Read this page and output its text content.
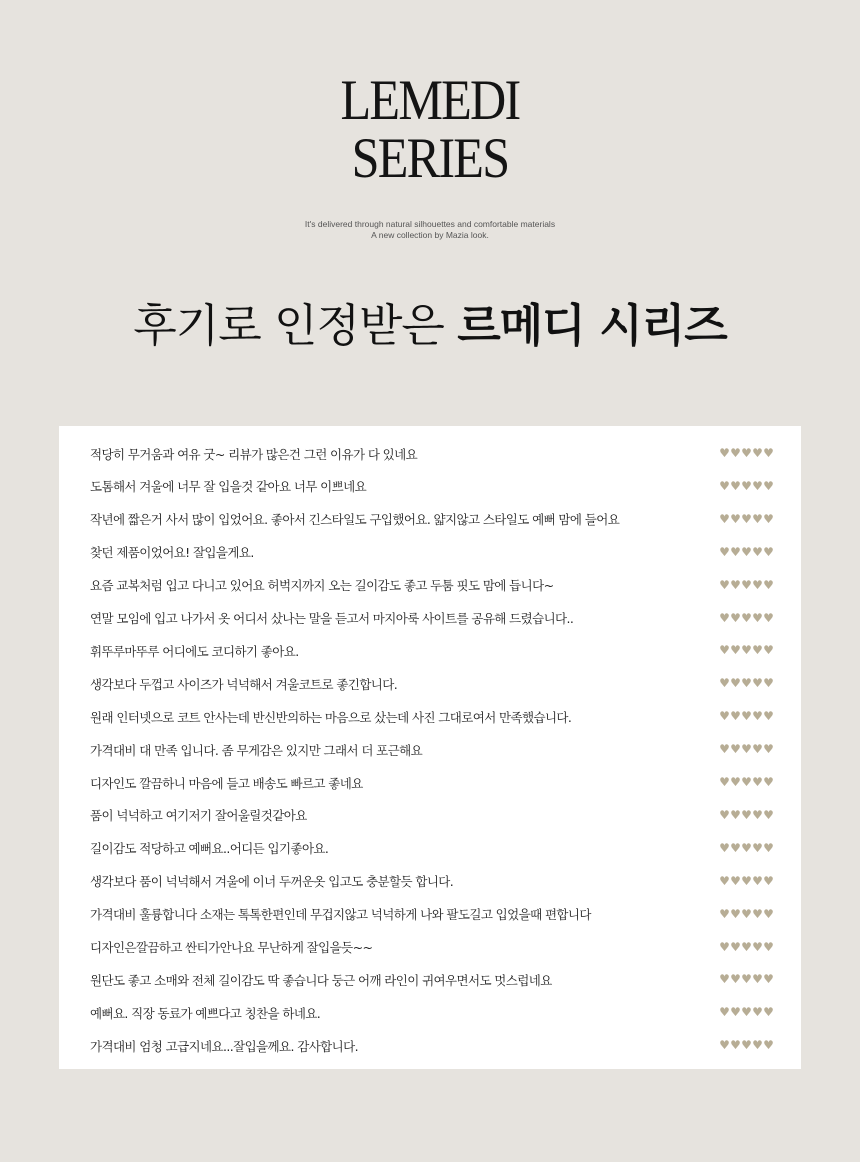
LEMEDI
SERIES
It's delivered through natural silhouettes and comfortable materials
A new collection by Mazia look.
후기로 인정받은 르메디 시리즈
적당히 무거움과 여유 굿~ 리뷰가 많은건 그런 이유가 다 있네요	♥ ♥ ♥ ♥ ♥
도톰해서 겨울에 너무 잘 입을것 같아요 너무 이쁘네요	♥ ♥ ♥ ♥ ♥
작년에 짧은거 사서 많이 입었어요. 좋아서 긴스타일도 구입했어요. 얇지않고 스타일도 예뻐 맘에 들어요	♥ ♥ ♥ ♥ ♥
찾던 제품이었어요! 잘입을게요.	♥ ♥ ♥ ♥ ♥
요즘 교복처럼 입고 다니고 있어요 허벅지까지 오는 길이감도 좋고 두툼 핏도 맘에 듭니다~	♥ ♥ ♥ ♥ ♥
연말 모임에 입고 나가서 옷 어디서 샀나는 말을 듣고서 마지아룩 사이트를 공유해 드렸습니다..	♥ ♥ ♥ ♥ ♥
휘뚜루마뚜루 어디에도 코디하기 좋아요.	♥ ♥ ♥ ♥ ♥
생각보다 두껍고 사이즈가 넉넉해서 겨울코트로 좋긴합니다.	♥ ♥ ♥ ♥ ♥
원래 인터넷으로 코트 안사는데 반신반의하는 마음으로 샀는데 사진 그대로여서 만족했습니다.	♥ ♥ ♥ ♥ ♥
가격대비 대 만족 입니다. 좀 무게감은 있지만 그래서 더 포근해요	♥ ♥ ♥ ♥ ♥
디자인도 깔끔하니 마음에 들고 배송도 빠르고 좋네요	♥ ♥ ♥ ♥ ♥
품이 넉넉하고 여기저기 잘어울릴것같아요	♥ ♥ ♥ ♥ ♥
길이감도 적당하고 예뻐요..어디든 입기좋아요.	♥ ♥ ♥ ♥ ♥
생각보다 품이 넉넉해서 겨울에 이너 두꺼운옷 입고도 충분할듯 합니다.	♥ ♥ ♥ ♥ ♥
가격대비 훌륭합니다 소재는 톡톡한편인데 무겁지않고 넉넉하게 나와 팔도길고 입었을때 편합니다	♥ ♥ ♥ ♥ ♥
디자인은깔끔하고 싼티가안나요 무난하게 잘입을듯~~	♥ ♥ ♥ ♥ ♥
원단도 좋고 소매와 전체 길이감도 딱 좋습니다 둥근 어깨 라인이 귀여우면서도 멋스럽네요	♥ ♥ ♥ ♥ ♥
예뻐요. 직장 동료가 예쁘다고 칭찬을 하네요.	♥ ♥ ♥ ♥ ♥
가격대비 엄청 고급지네요...잘입을께요. 감사합니다.	♥ ♥ ♥ ♥ ♥
